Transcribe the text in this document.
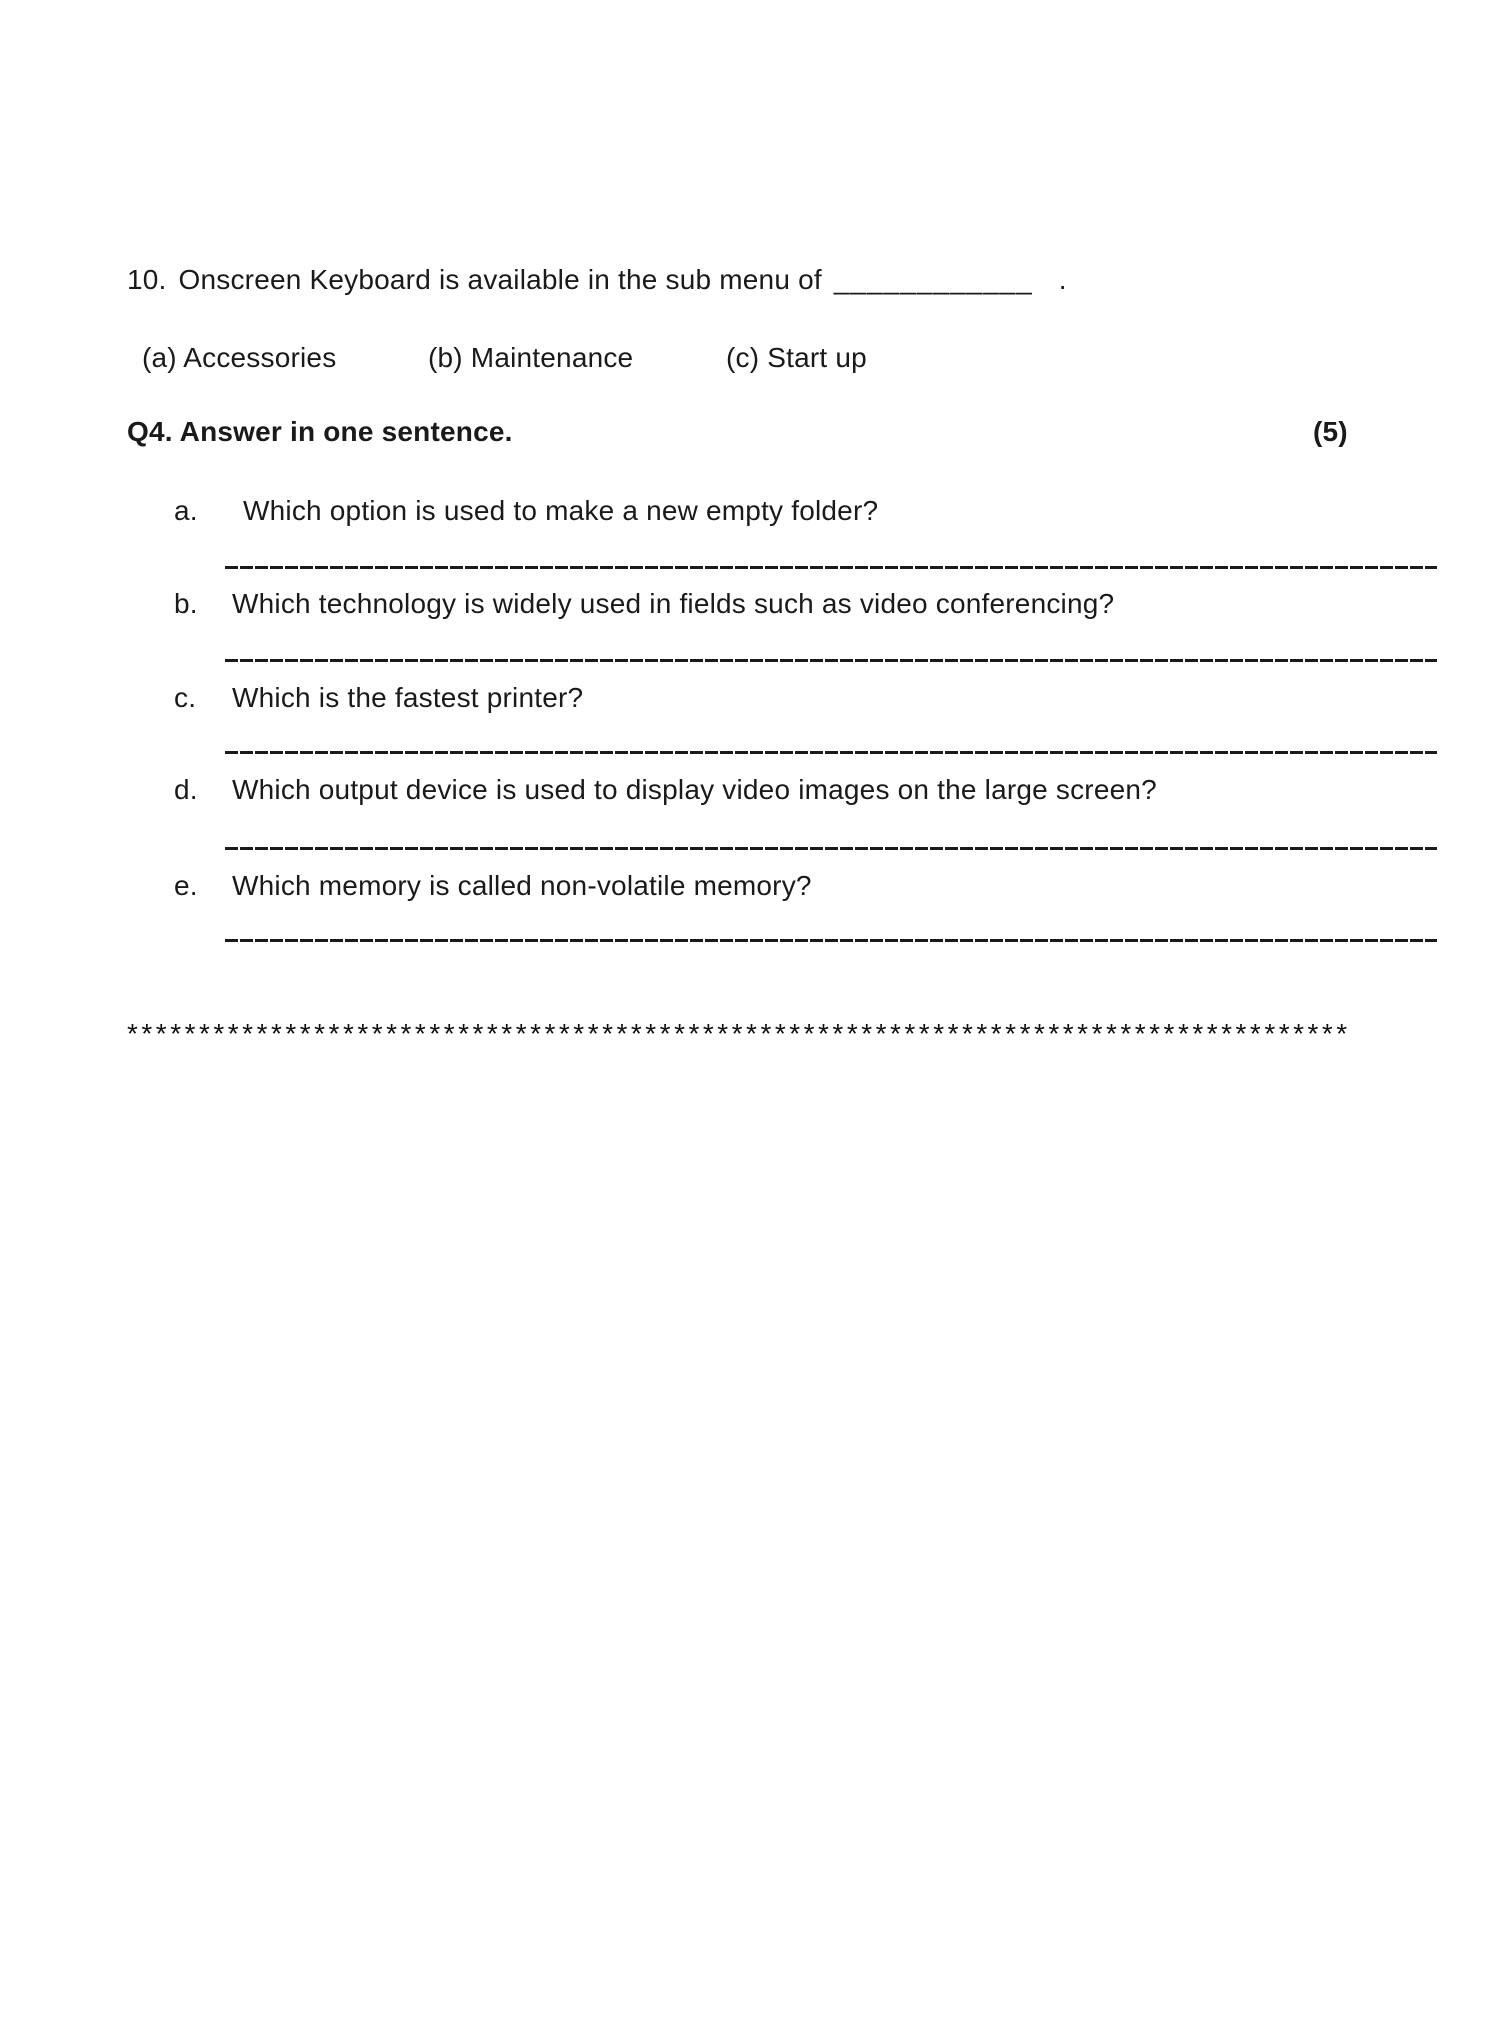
10. Onscreen Keyboard is available in the sub menu of ____________ .
(a) Accessories	(b) Maintenance	(c) Start up
Q4. Answer in one sentence.	(5)
a. Which option is used to make a new empty folder?
b. Which technology is widely used in fields such as video conferencing?
c. Which is the fastest printer?
d. Which output device is used to display video images on the large screen?
e. Which memory is called non-volatile memory?
*************************************************************************************
